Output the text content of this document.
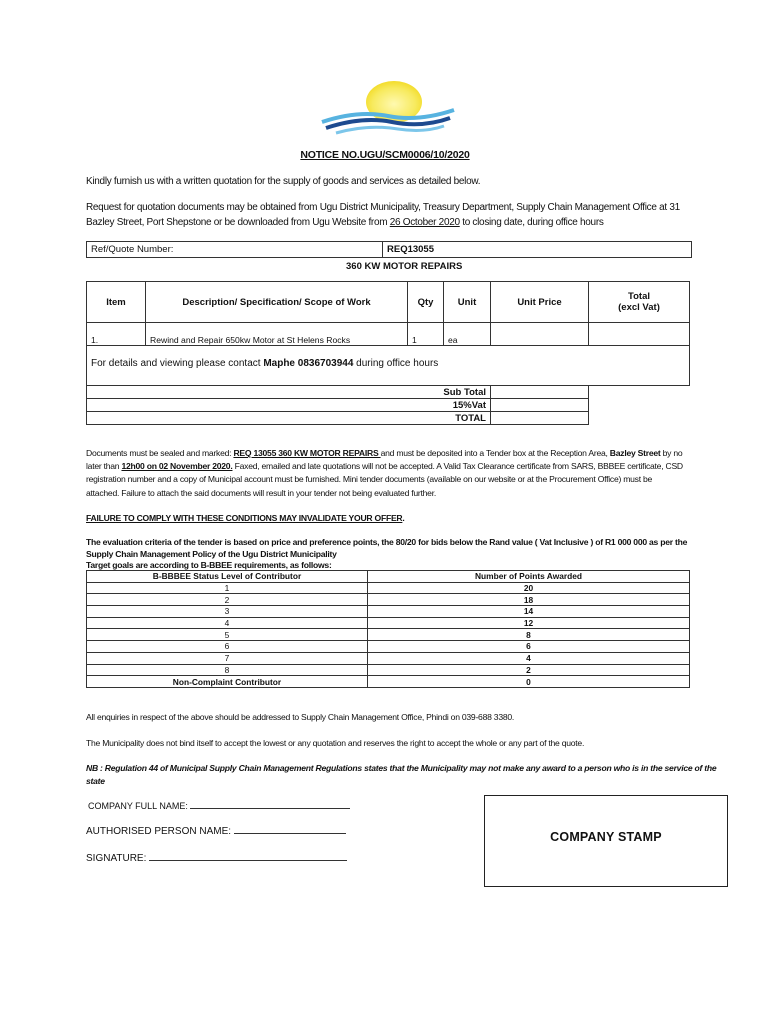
NOTICE NO.UGU/SCM0006/10/2020
Kindly furnish us with a written quotation for the supply of goods and services as detailed below.
Request for quotation documents may be obtained from Ugu District Municipality, Treasury Department, Supply Chain Management Office at 31
Bazley Street, Port Shepstone or be downloaded from Ugu Website from 26 October 2020 to closing date, during office hours
Ref/Quote Number:	REQ13055
360 KW MOTOR REPAIRS
Item	Description/ Specification/ Scope of Work	Qty	Unit	Unit Price	Total
(excl Vat)

1.	Rewind and Repair 650kw Motor at St Helens Rocks	1	ea		
For details and viewing please contact Maphe 0836703944 during office hours					
Sub Total					
15%Vat					
TOTAL					
Documents must be sealed and marked: REQ 13055 360 KW MOTOR REPAIRS and must be deposited into a Tender box at the Reception Area, Bazley Street by no
later than 12h00 on 02 November 2020. Faxed, emailed and late quotations will not be accepted. A Valid Tax Clearance certificate from SARS, BBBEE certificate, CSD
registration number and a copy of Municipal account must be furnished. Mini tender documents (available on our website or at the Procurement Office) must be
attached. Failure to attach the said documents will result in your tender not being evaluated further.
FAILURE TO COMPLY WITH THESE CONDITIONS MAY INVALIDATE YOUR OFFER.
The evaluation criteria of the tender is based on price and preference points, the 80/20 for bids below the Rand value ( Vat Inclusive ) of R1 000 000 as per the
Supply Chain Management Policy of the Ugu District Municipality
Target goals are according to B-BBEE requirements, as follows:
B-BBBEE Status Level of Contributor	Number of Points Awarded
1	20
2	18
3	14
4	12
5	8
6	6
7	4
8	2
Non-Complaint Contributor	0
All enquiries in respect of the above should be addressed to Supply Chain Management Office, Phindi on 039-688 3380.
The Municipality does not bind itself to accept the lowest or any quotation and reserves the right to accept the whole or any part of the quote.
NB : Regulation 44 of Municipal Supply Chain Management Regulations states that the Municipality may not make any award to a person who is in the service of the
state
COMPANY FULL NAME:
AUTHORISED PERSON NAME:
SIGNATURE:
COMPANY STAMP
